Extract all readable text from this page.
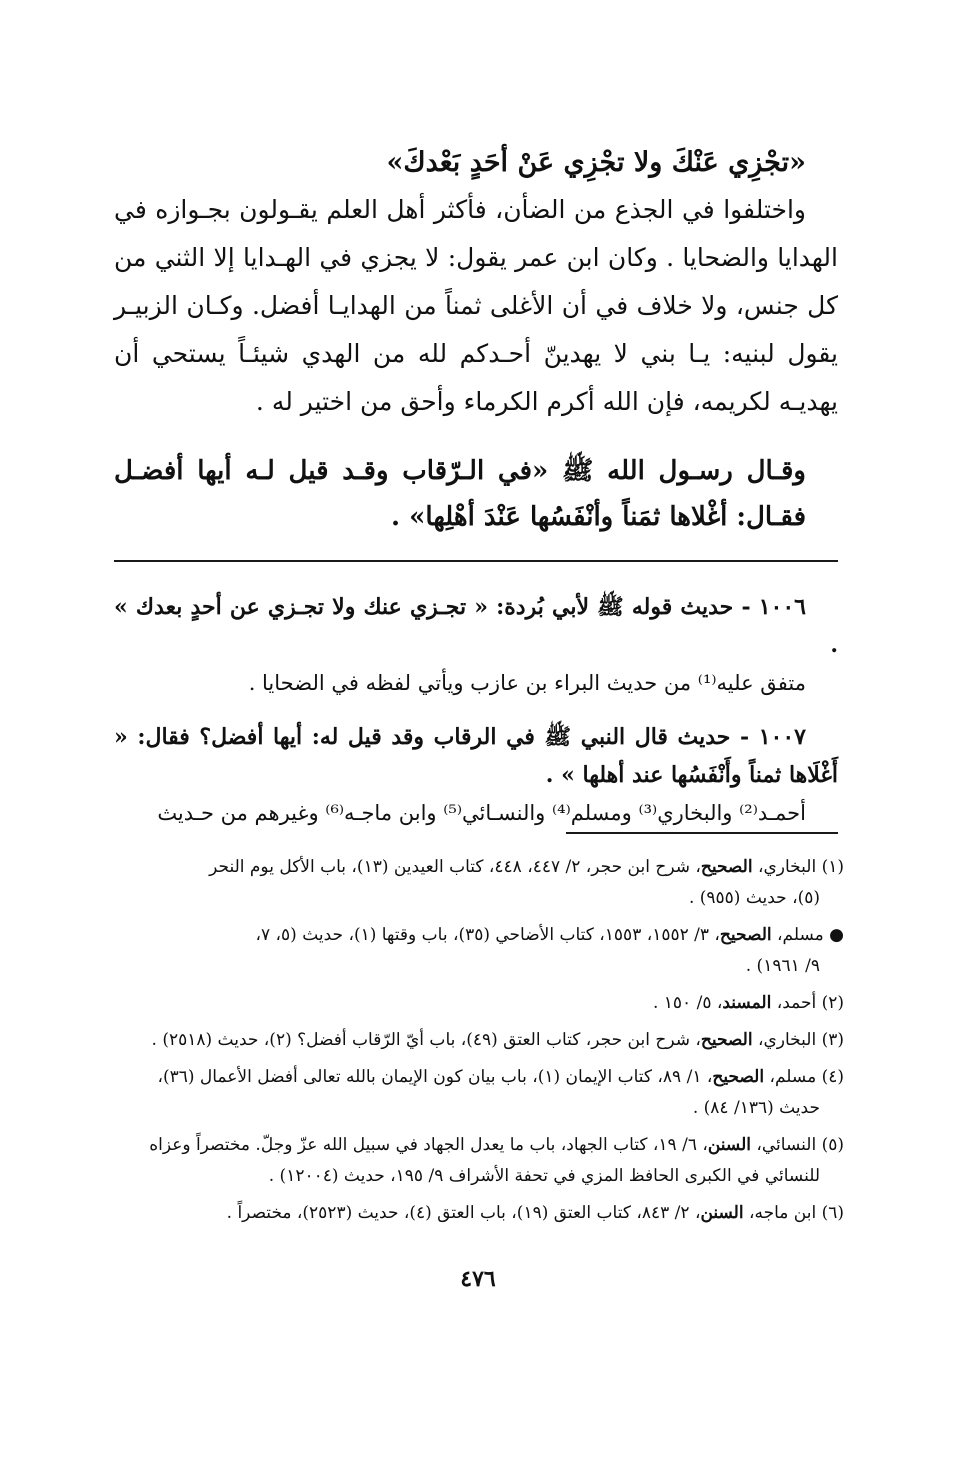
«تجْزِي عَنْكَ ولا تجْزِي عَنْ أحَدٍ بَعْدكَ»

واختلفوا في الجذع من الضأن، فأكثر أهل العلم يقـولون بجـوازه في الهدايا والضحايا . وكان ابن عمر يقول: لا يجزي في الهـدايا إلا الثني من كل جنس، ولا خلاف في أن الأغلى ثمناً من الهدايـا أفضل. وكـان الزبيـر يقول لبنيه: يـا بني لا يهدينّ أحـدكم لله من الهدي شيئـاً يستحي أن يهديـه لكريمه، فإن الله أكرم الكرماء وأحق من اختير له .

وقـال رسـول الله ﷺ «في الـرّقاب وقـد قيل لـه أيها أفضـل فقـال: أغْلاها ثمَناً وأنْفَسُها عَنْدَ أهْلِها» .

١٠٠٦ - حديث قوله ﷺ لأبي بُردة: « تجـزي عنك ولا تجـزي عن أحدٍ بعدك » .

متفق عليه⁽¹⁾ من حديث البراء بن عازب ويأتي لفظه في الضحايا .

١٠٠٧ - حديث قال النبي ﷺ في الرقاب وقد قيل له: أيها أفضل؟ فقال: « أَغْلَاها ثمناً وأَنْفَسُها عند أهلها » .

أحمـد⁽²⁾ والبخاري⁽³⁾ ومسلم⁽⁴⁾ والنسـائي⁽⁵⁾ وابن ماجـه⁽⁶⁾ وغيرهم من حـديث

(١) البخاري، الصحيح، شرح ابن حجر، ٢/ ٤٤٧، ٤٤٨، كتاب العيدين (١٣)، باب الأكل يوم النحر
(٥)، حديث (٩٥٥) .

● مسلم، الصحيح، ٣/ ١٥٥٢، ١٥٥٣، كتاب الأضاحي (٣٥)، باب وقتها (١)، حديث (٥، ٧،
٩/ ١٩٦١) .

(٢) أحمد، المسند، ٥/ ١٥٠ .

(٣) البخاري، الصحيح، شرح ابن حجر، كتاب العتق (٤٩)، باب أيّ الرّقاب أفضل؟ (٢)، حديث (٢٥١٨) .

(٤) مسلم، الصحيح، ١/ ٨٩، كتاب الإيمان (١)، باب بيان كون الإيمان بالله تعالى أفضل الأعمال (٣٦)،
حديث (١٣٦/ ٨٤) .

(٥) النسائي، السنن، ٦/ ١٩، كتاب الجهاد، باب ما يعدل الجهاد في سبيل الله عزّ وجلّ. مختصراً وعزاه
للنسائي في الكبرى الحافظ المزي في تحفة الأشراف ٩/ ١٩٥، حديث (١٢٠٠٤) .

(٦) ابن ماجه، السنن، ٢/ ٨٤٣، كتاب العتق (١٩)، باب العتق (٤)، حديث (٢٥٢٣)، مختصراً .

٤٧٦
